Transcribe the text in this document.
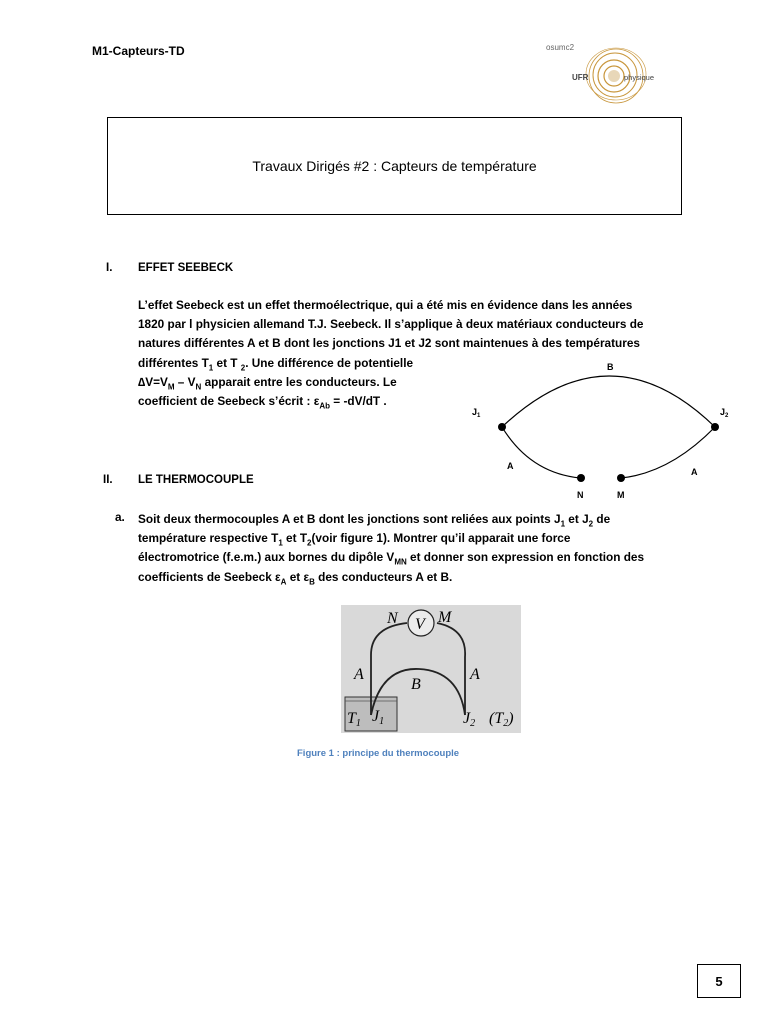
M1-Capteurs-TD	osumc2
UFR	physique
Travaux Dirigés #2 : Capteurs de température
I. EFFET SEEBECK
L’effet Seebeck est un effet thermoélectrique, qui a été mis en évidence dans les années
1820 par l physicien allemand T.J. Seebeck. Il s’applique à deux matériaux conducteurs de
natures différentes A et B dont les jonctions J1 et J2 sont maintenues à des températures
différentes $T_1$ et T $_2$. Une différence de potentielle
$\Delta V=V_M - V_N$ apparait entre les conducteurs. Le
coefficient de Seebeck s’écrit : $\varepsilon_{Ab} = -dV/dT$ .
B
$J_1$	$J_2$
A
A
N	M
II. LE THERMOCOUPLE
a. Soit deux thermocouples A et B dont les jonctions sont reliées aux points $J_1$ et $J_2$ de
température respective $T_1$ et $T_2(voir$ figure 1). Montrer qu’il apparait une force
électromotrice (f.e.m.) aux bornes du dipôle $V_{MN}$ et donner son expression en fonction des
coefficients de Seebeck $\varepsilon_A$ et $\varepsilon_B$ des conducteurs A et B.
V
N	M
A	A
B
T1 J1	J2 (T2)
Figure 1 : principe du thermocouple
5
